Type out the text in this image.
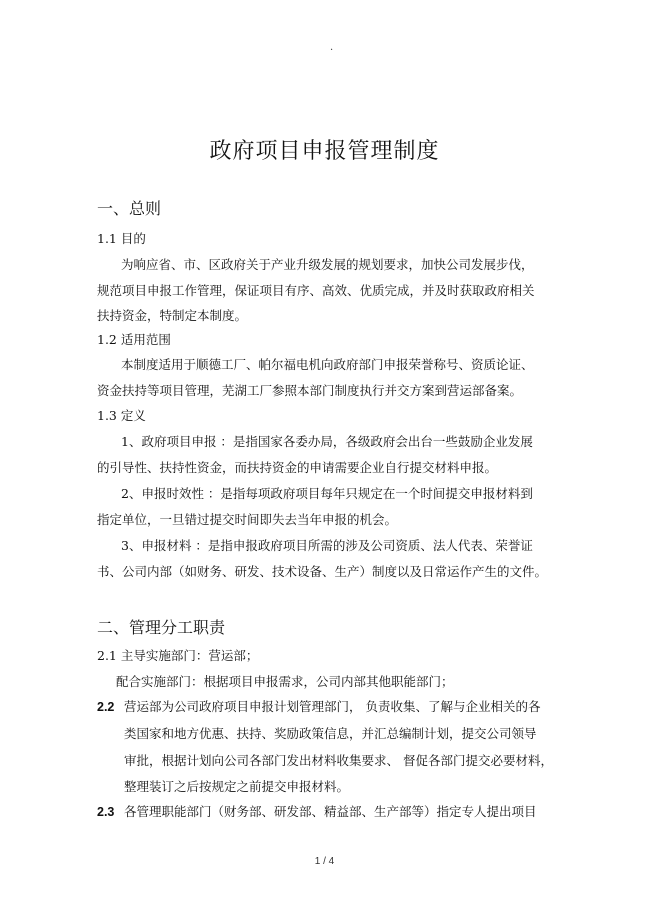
·
政府项目申报管理制度
一、总则
1.1 目的
为响应省、市、区政府关于产业升级发展的规划要求，加快公司发展步伐，
规范项目申报工作管理，保证项目有序、高效、优质完成，并及时获取政府相关
扶持资金，特制定本制度。
1.2 适用范围
本制度适用于顺德工厂、帕尔福电机向政府部门申报荣誉称号、资质论证、
资金扶持等项目管理，芜湖工厂参照本部门制度执行并交方案到营运部备案。
1.3 定义
1、政府项目申报 ：是指国家各委办局，各级政府会出台一些鼓励企业发展
的引导性、扶持性资金，而扶持资金的申请需要企业自行提交材料申报。
2、申报时效性 ：是指每项政府项目每年只规定在一个时间提交申报材料到
指定单位，一旦错过提交时间即失去当年申报的机会。
3、申报材料 ：是指申报政府项目所需的涉及公司资质、法人代表、荣誉证
书、公司内部（如财务、研发、技术设备、生产）制度以及日常运作产生的文件。
二、管理分工职责
2.1 主导实施部门：营运部；
配合实施部门：根据项目申报需求，公司内部其他职能部门；
2.2 营运部为公司政府项目申报计划管理部门， 负责收集、了解与企业相关的各
类国家和地方优惠、扶持、奖励政策信息，并汇总编制计划，提交公司领导
审批，根据计划向公司各部门发出材料收集要求、 督促各部门提交必要材料，
整理装订之后按规定之前提交申报材料。
2.3 各管理职能部门（财务部、研发部、精益部、生产部等）指定专人提出项目
1 / 4
